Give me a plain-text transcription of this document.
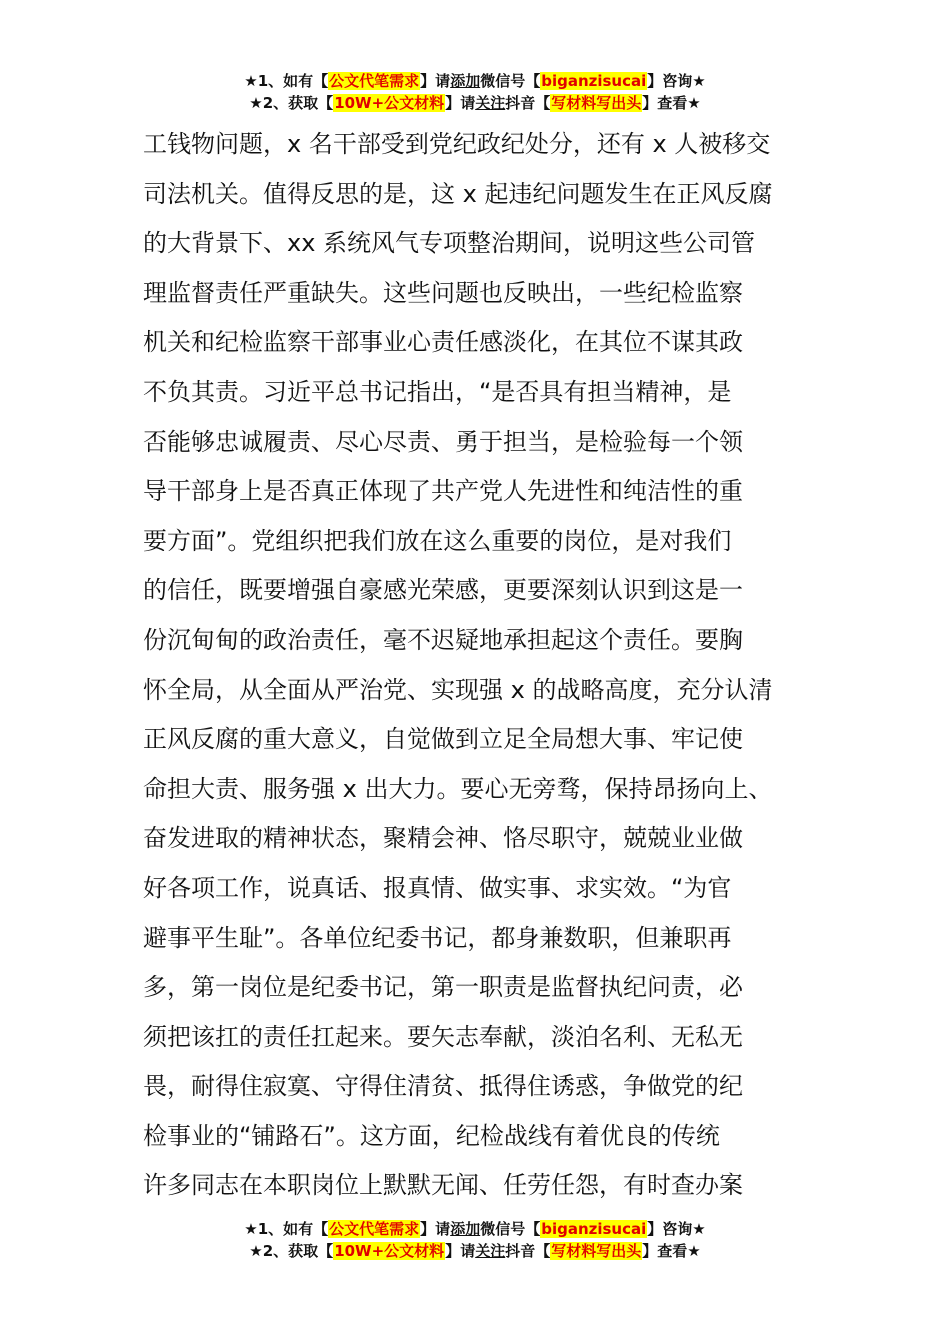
★1、如有【公文代笔需求】请添加微信号【biganzisucai】咨询★
★2、获取【10W+公文材料】请关注抖音【写材料写出头】查看★
工钱物问题，x 名干部受到党纪政纪处分，还有 x 人被移交
司法机关。值得反思的是，这 x 起违纪问题发生在正风反腐
的大背景下、xx 系统风气专项整治期间，说明这些公司管
理监督责任严重缺失。这些问题也反映出，一些纪检监察
机关和纪检监察干部事业心责任感淡化，在其位不谋其政
不负其责。习近平总书记指出，“是否具有担当精神，是
否能够忠诚履责、尽心尽责、勇于担当，是检验每一个领
导干部身上是否真正体现了共产党人先进性和纯洁性的重
要方面”。党组织把我们放在这么重要的岗位，是对我们
的信任，既要增强自豪感光荣感，更要深刻认识到这是一
份沉甸甸的政治责任，毫不迟疑地承担起这个责任。要胸
怀全局，从全面从严治党、实现强 x 的战略高度，充分认清
正风反腐的重大意义，自觉做到立足全局想大事、牢记使
命担大责、服务强 x 出大力。要心无旁骛，保持昂扬向上、
奋发进取的精神状态，聚精会神、恪尽职守，兢兢业业做
好各项工作，说真话、报真情、做实事、求实效。“为官
避事平生耻”。各单位纪委书记，都身兼数职，但兼职再
多，第一岗位是纪委书记，第一职责是监督执纪问责，必
须把该扛的责任扛起来。要矢志奉献，淡泊名利、无私无
畏，耐得住寂寞、守得住清贫、抵得住诱惑，争做党的纪
检事业的“铺路石”。这方面，纪检战线有着优良的传统
许多同志在本职岗位上默默无闻、任劳任怨，有时查办案
★1、如有【公文代笔需求】请添加微信号【biganzisucai】咨询★
★2、获取【10W+公文材料】请关注抖音【写材料写出头】查看★
